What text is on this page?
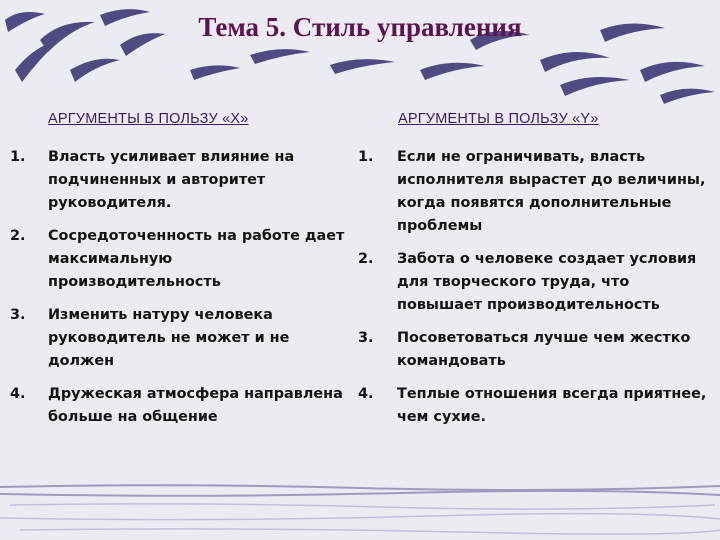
Тема 5. Стиль управления
АРГУМЕНТЫ В ПОЛЬЗУ «X»	АРГУМЕНТЫ В ПОЛЬЗУ «Y»
1. Власть усиливает влияние на подчиненных и авторитет руководителя.
2. Сосредоточенность на работе дает максимальную производительность
3. Изменить натуру человека руководитель не может и не должен
4. Дружеская атмосфера направлена больше на общение
1. Если не ограничивать, власть исполнителя вырастет до величины, когда появятся дополнительные проблемы
2. Забота о человеке создает условия для творческого труда, что повышает производительность
3. Посоветоваться лучше чем жестко командовать
4. Теплые отношения всегда приятнее, чем сухие.
